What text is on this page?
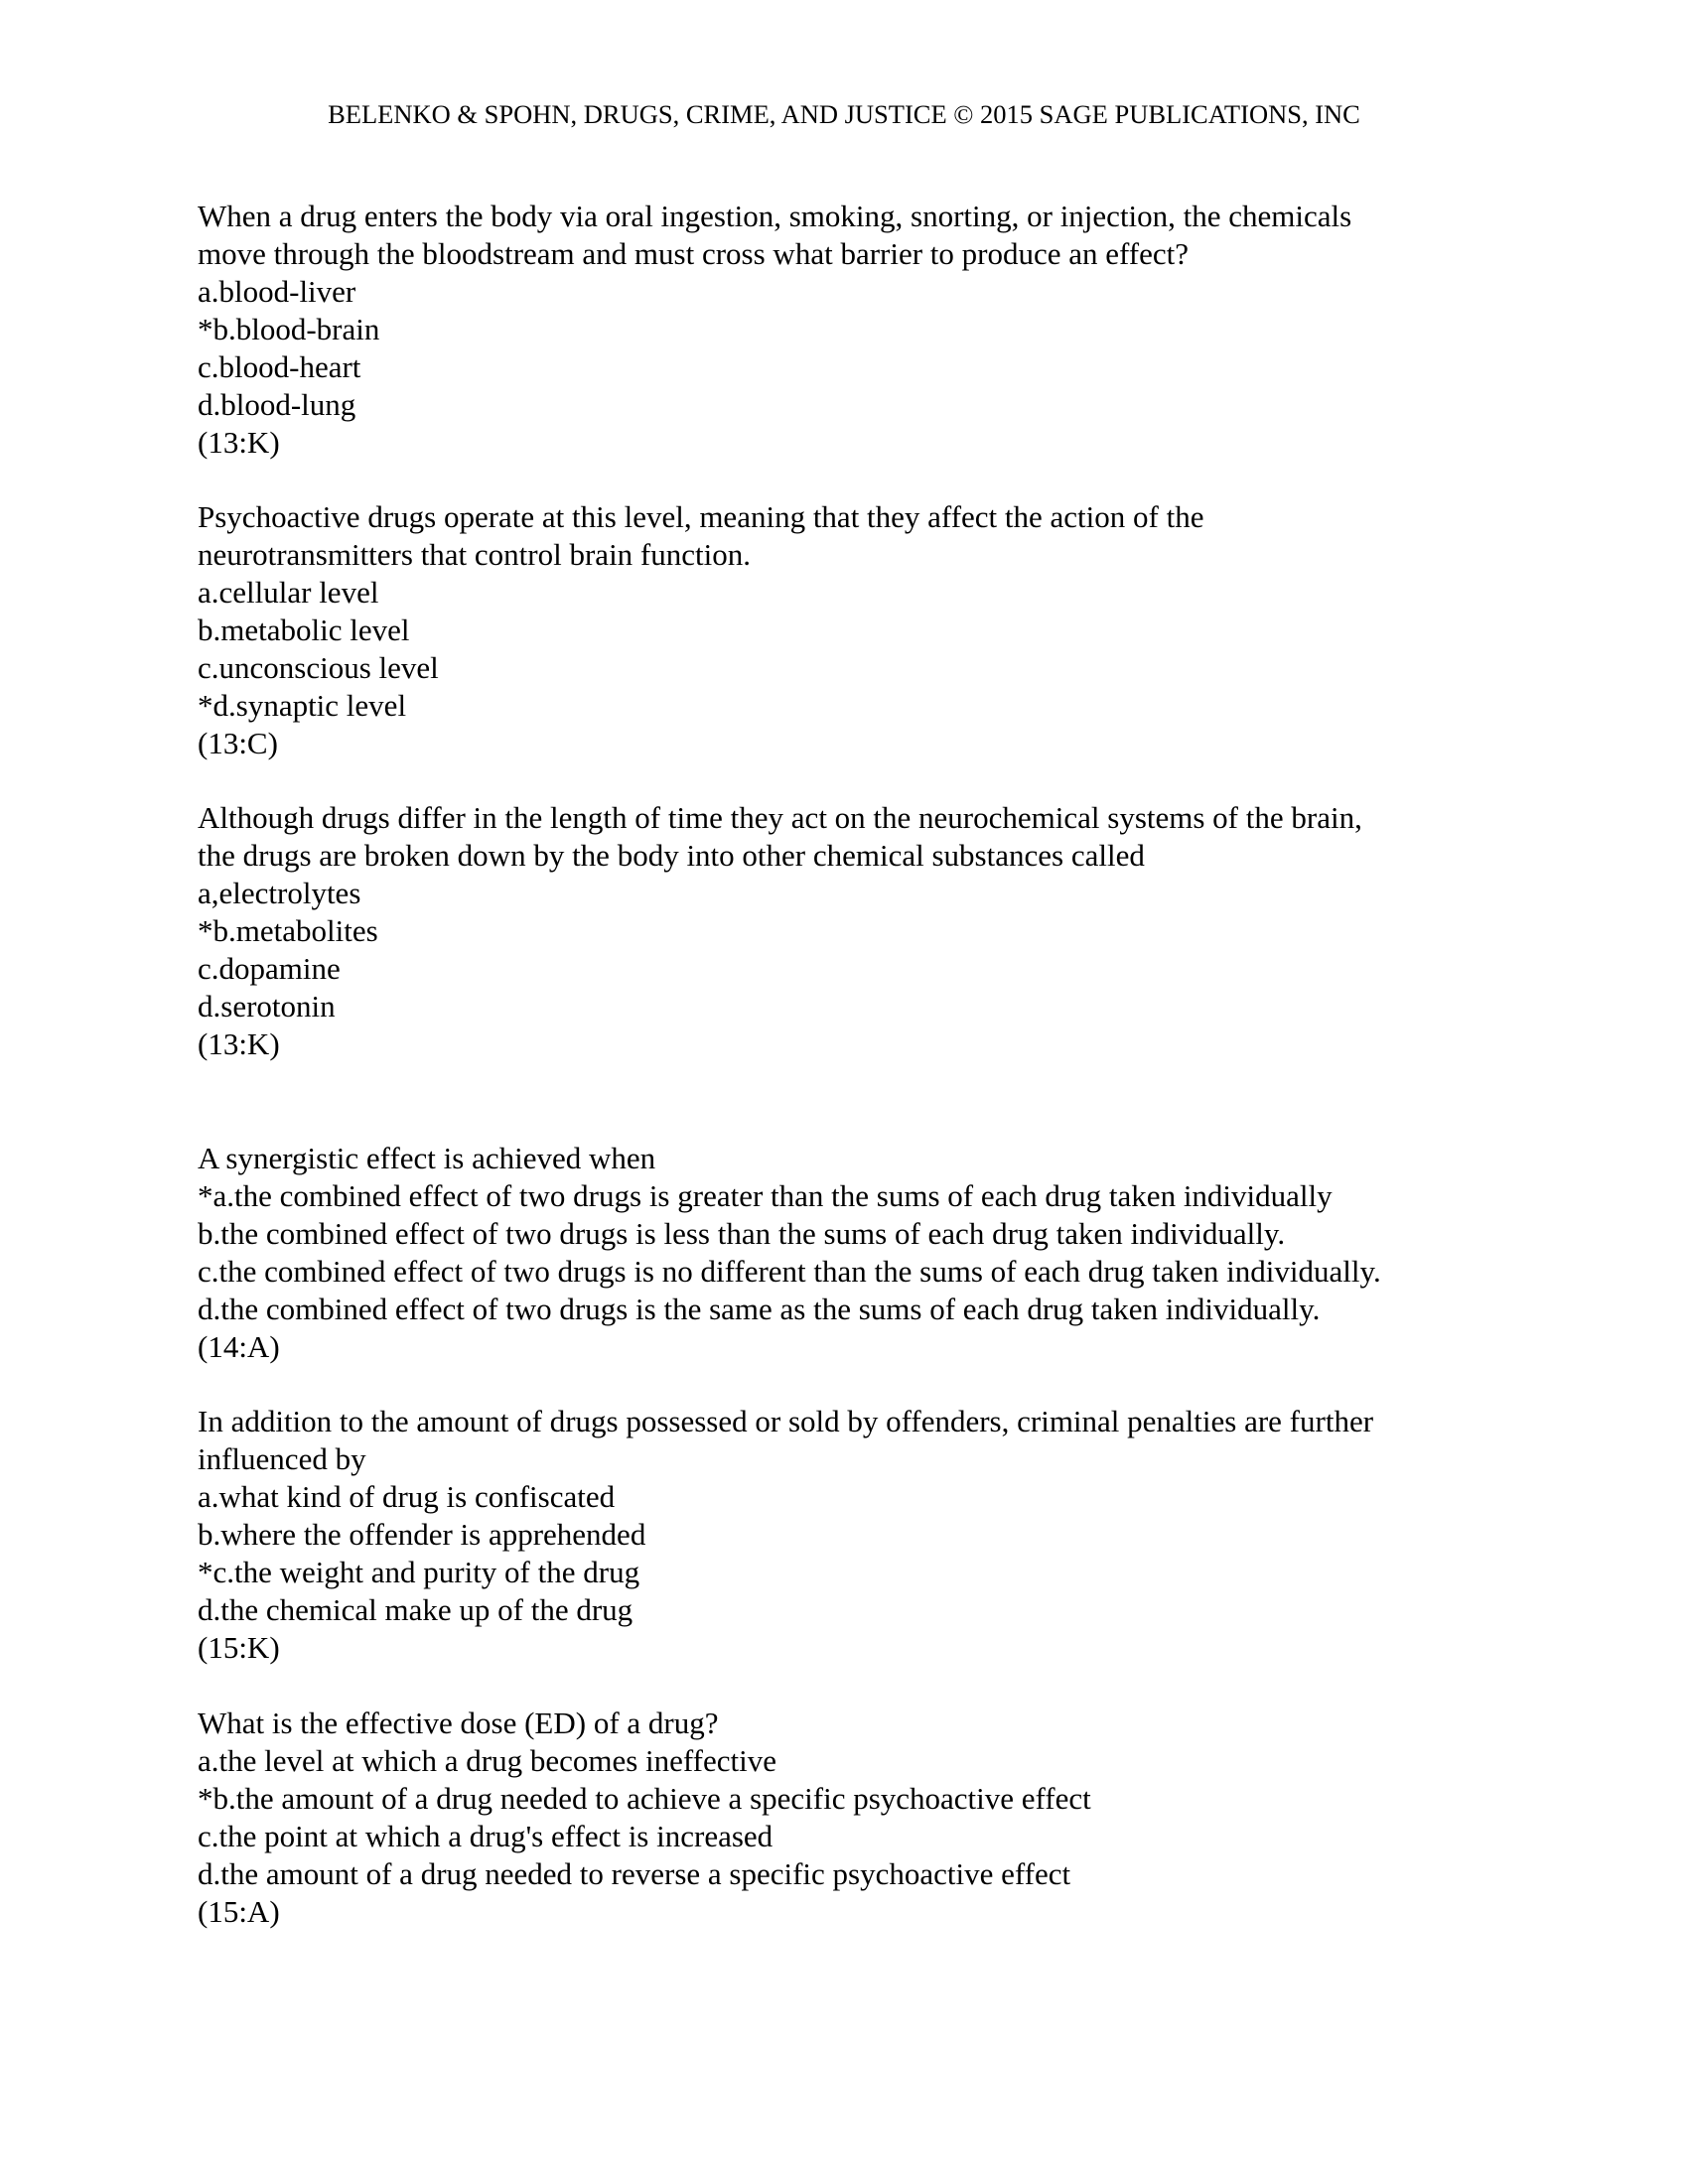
BELENKO & SPOHN, DRUGS, CRIME, AND JUSTICE © 2015 SAGE PUBLICATIONS, INC
When a drug enters the body via oral ingestion, smoking, snorting, or injection, the chemicals
move through the bloodstream and must cross what barrier to produce an effect?
a.blood-liver
*b.blood-brain
c.blood-heart
d.blood-lung
(13:K)
Psychoactive drugs operate at this level, meaning that they affect the action of the
neurotransmitters that control brain function.
a.cellular level
b.metabolic level
c.unconscious level
*d.synaptic level
(13:C)
Although drugs differ in the length of time they act on the neurochemical systems of the brain,
the drugs are broken down by the body into other chemical substances called
a,electrolytes
*b.metabolites
c.dopamine
d.serotonin
(13:K)
A synergistic effect is achieved when
*a.the combined effect of two drugs is greater than the sums of each drug taken individually
b.the combined effect of two drugs is less than the sums of each drug taken individually.
c.the combined effect of two drugs is no different than the sums of each drug taken individually.
d.the combined effect of two drugs is the same as the sums of each drug taken individually.
(14:A)
In addition to the amount of drugs possessed or sold by offenders, criminal penalties are further
influenced by
a.what kind of drug is confiscated
b.where the offender is apprehended
*c.the weight and purity of the drug
d.the chemical make up of the drug
(15:K)
What is the effective dose (ED) of a drug?
a.the level at which a drug becomes ineffective
*b.the amount of a drug needed to achieve a specific psychoactive effect
c.the point at which a drug's effect is increased
d.the amount of a drug needed to reverse a specific psychoactive effect
(15:A)
